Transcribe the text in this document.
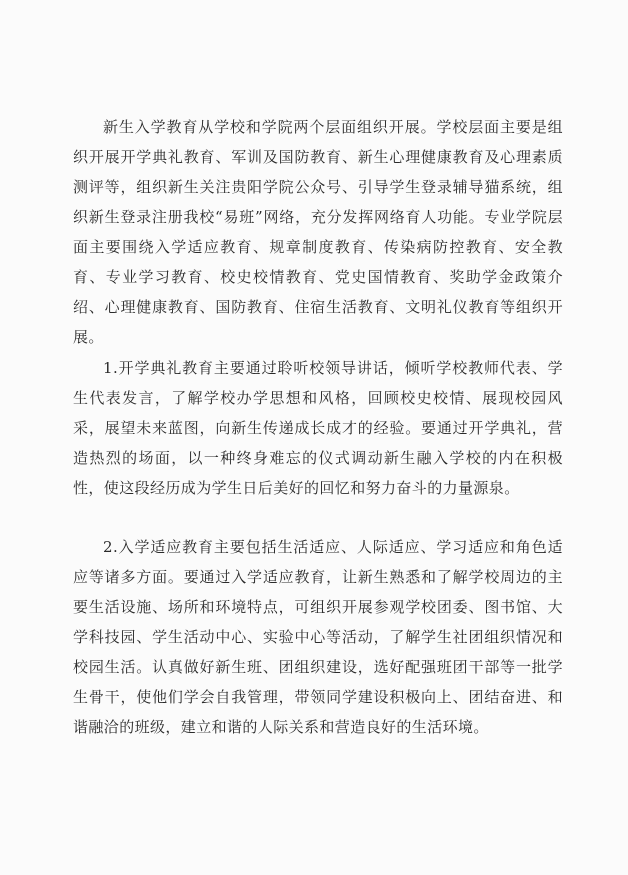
新生入学教育从学校和学院两个层面组织开展。学校层面主要是组织开展开学典礼教育、军训及国防教育、新生心理健康教育及心理素质测评等，组织新生关注贵阳学院公众号、引导学生登录辅导猫系统，组织新生登录注册我校“易班”网络，充分发挥网络育人功能。专业学院层面主要围绕入学适应教育、规章制度教育、传染病防控教育、安全教育、专业学习教育、校史校情教育、党史国情教育、奖助学金政策介绍、心理健康教育、国防教育、住宿生活教育、文明礼仪教育等组织开展。

1.开学典礼教育主要通过聆听校领导讲话，倾听学校教师代表、学生代表发言，了解学校办学思想和风格，回顾校史校情、展现校园风采，展望未来蓝图，向新生传递成长成才的经验。要通过开学典礼，营造热烈的场面，以一种终身难忘的仪式调动新生融入学校的内在积极性，使这段经历成为学生日后美好的回忆和努力奋斗的力量源泉。

2.入学适应教育主要包括生活适应、人际适应、学习适应和角色适应等诸多方面。要通过入学适应教育，让新生熟悉和了解学校周边的主要生活设施、场所和环境特点，可组织开展参观学校团委、图书馆、大学科技园、学生活动中心、实验中心等活动，了解学生社团组织情况和校园生活。认真做好新生班、团组织建设，选好配强班团干部等一批学生骨干，使他们学会自我管理，带领同学建设积极向上、团结奋进、和谐融洽的班级，建立和谐的人际关系和营造良好的生活环境。
